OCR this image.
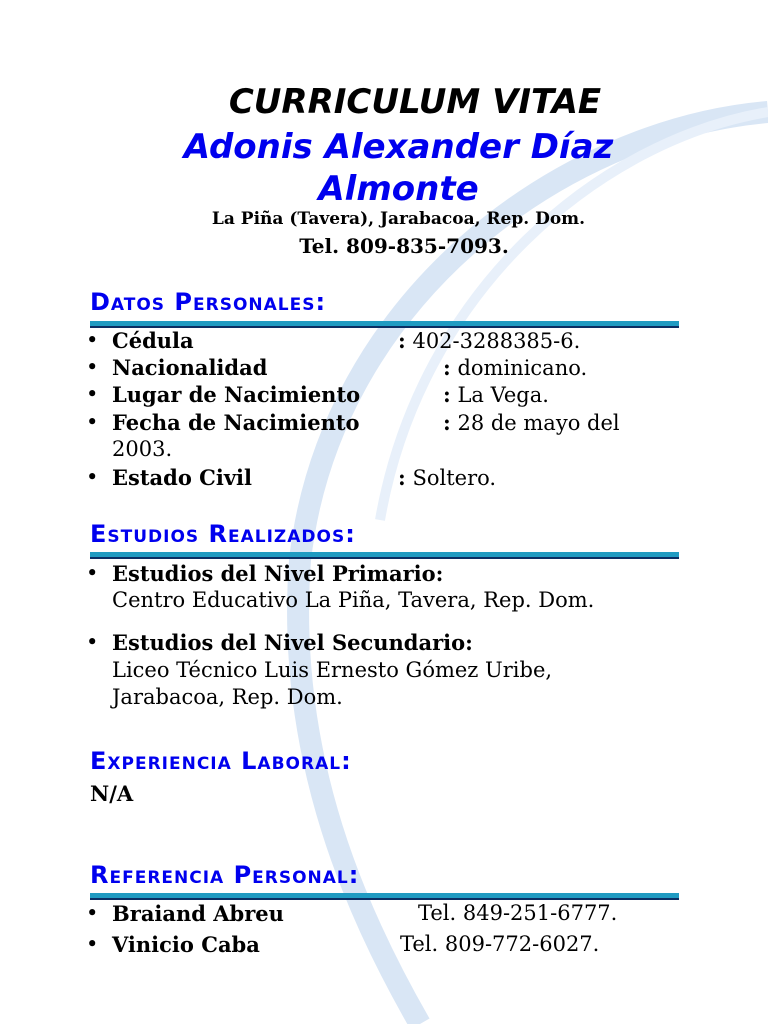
CURRICULUM VITAE
Adonis Alexander Díaz
Almonte
La Piña (Tavera), Jarabacoa, Rep. Dom.
Tel. 809-835-7093.
Datos Personales:
• Cédula	: 402-3288385-6.
• Nacionalidad	: dominicano.
• Lugar de Nacimiento	: La Vega.
• Fecha de Nacimiento	: 28 de mayo del
2003.
• Estado Civil	: Soltero.
Estudios Realizados:
• Estudios del Nivel Primario:
Centro Educativo La Piña, Tavera, Rep. Dom.
• Estudios del Nivel Secundario:
Liceo Técnico Luis Ernesto Gómez Uribe,
Jarabacoa, Rep. Dom.
Experiencia Laboral:
N/A
Referencia Personal:
• Braiand Abreu	Tel. 849-251-6777.
• Vinicio Caba	Tel. 809-772-6027.
